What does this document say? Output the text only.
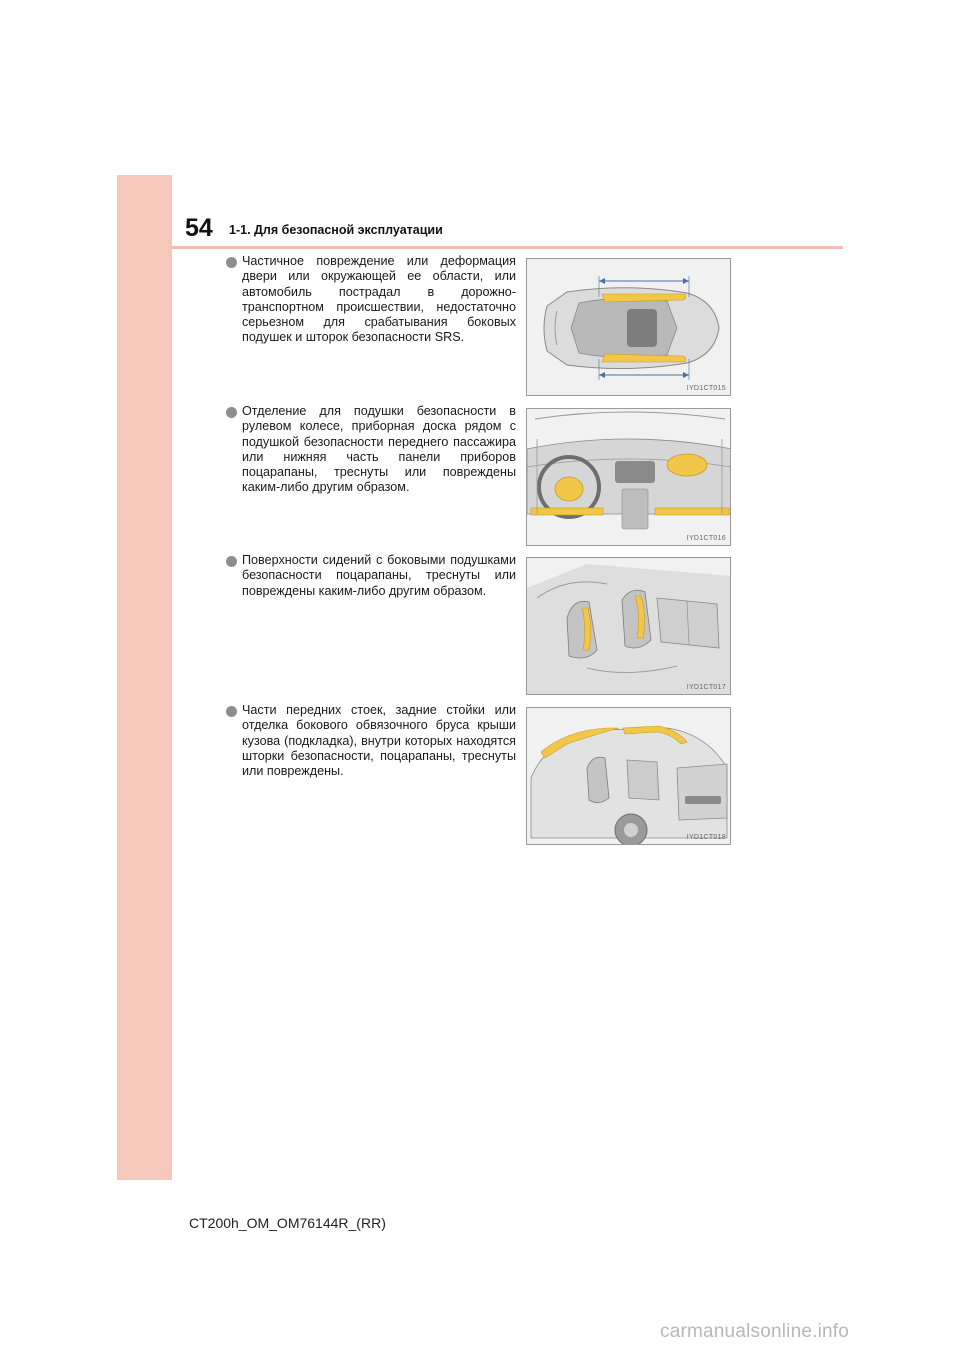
54 1-1. Для безопасной эксплуатации

Частичное повреждение или деформация двери или окружающей ее области, или автомобиль пострадал в дорожно-транспортном происшествии, недостаточно серьезном для срабатывания боковых подушек и шторок безопасности SRS.

IYD1CT015

Отделение для подушки безопасности в рулевом колесе, приборная доска рядом с подушкой безопасности переднего пассажира или нижняя часть панели приборов поцарапаны, треснуты или повреждены каким-либо другим образом.

IYD1CT016

Поверхности сидений с боковыми подушками безопасности поцарапаны, треснуты или повреждены каким-либо другим образом.

IYD1CT017

Части передних стоек, задние стойки или отделка бокового обвязочного бруса крыши кузова (подкладка), внутри которых находятся шторки безопасности, поцарапаны, треснуты или повреждены.

IYD1CT018
CT200h_OM_OM76144R_(RR)
carmanualsonline.info
